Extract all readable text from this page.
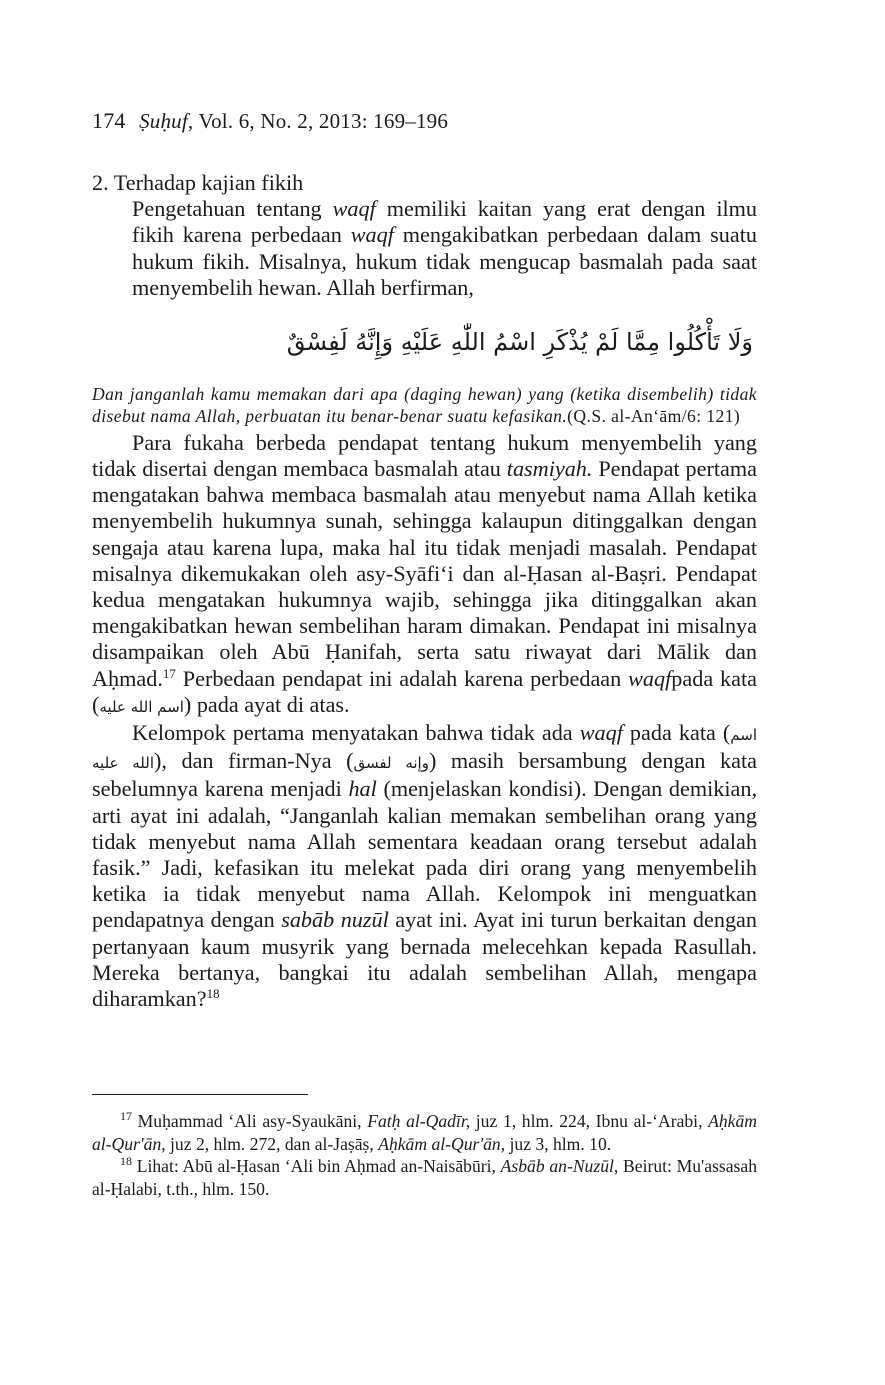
174 Ṣuḥuf, Vol. 6, No. 2, 2013: 169–196

2. Terhadap kajian fikih

Pengetahuan tentang waqf memiliki kaitan yang erat dengan ilmu fikih karena perbedaan waqf mengakibatkan perbedaan dalam suatu hukum fikih. Misalnya, hukum tidak mengucap basmalah pada saat menyembelih hewan. Allah berfirman,

وَلَا تَأْكُلُوا مِمَّا لَمْ يُذْكَرِ اسْمُ اللّٰهِ عَلَيْهِ وَإِنَّهُ لَفِسْقٌ

Dan janganlah kamu memakan dari apa (daging hewan) yang (ketika disembelih) tidak disebut nama Allah, perbuatan itu benar-benar suatu kefasikan.(Q.S. al-An‘ām/6: 121)

Para fukaha berbeda pendapat tentang hukum menyembelih yang tidak disertai dengan membaca basmalah atau tasmiyah. Pendapat pertama mengatakan bahwa membaca basmalah atau menyebut nama Allah ketika menyembelih hukumnya sunah, sehingga kalaupun ditinggalkan dengan sengaja atau karena lupa, maka hal itu tidak menjadi masalah. Pendapat misalnya dikemukakan oleh asy-Syāfi‘i dan al-Ḥasan al-Baṣri. Pendapat kedua mengatakan hukumnya wajib, sehingga jika ditinggalkan akan mengakibatkan hewan sembelihan haram dimakan. Pendapat ini misalnya disampaikan oleh Abū Ḥanifah, serta satu riwayat dari Mālik dan Aḥmad.$^{17}$ Perbedaan pendapat ini adalah karena perbedaan waqfpada kata (اسم الله عليه) pada ayat di atas.

Kelompok pertama menyatakan bahwa tidak ada waqf pada kata (اسم الله عليه), dan firman-Nya (وإنه لفسق) masih bersambung dengan kata sebelumnya karena menjadi hal (menjelaskan kondisi). Dengan demikian, arti ayat ini adalah, “Janganlah kalian memakan sembelihan orang yang tidak menyebut nama Allah sementara keadaan orang tersebut adalah fasik.” Jadi, kefasikan itu melekat pada diri orang yang menyembelih ketika ia tidak menyebut nama Allah. Kelompok ini menguatkan pendapatnya dengan sabāb nuzūl ayat ini. Ayat ini turun berkaitan dengan pertanyaan kaum musyrik yang bernada melecehkan kepada Rasullah. Mereka bertanya, bangkai itu adalah sembelihan Allah, mengapa diharamkan?$^{18}$

$^{17}$ Muḥammad ‘Ali asy-Syaukāni, Fatḥ al-Qadīr, juz 1, hlm. 224, Ibnu al-‘Arabi, Aḥkām al-Qur'ān, juz 2, hlm. 272, dan al-Jaṣāṣ, Aḥkām al-Qur'ān, juz 3, hlm. 10.

$^{18}$ Lihat: Abū al-Ḥasan ‘Ali bin Aḥmad an-Naisābūri, Asbāb an-Nuzūl, Beirut: Mu'assasah al-Ḥalabi, t.th., hlm. 150.
